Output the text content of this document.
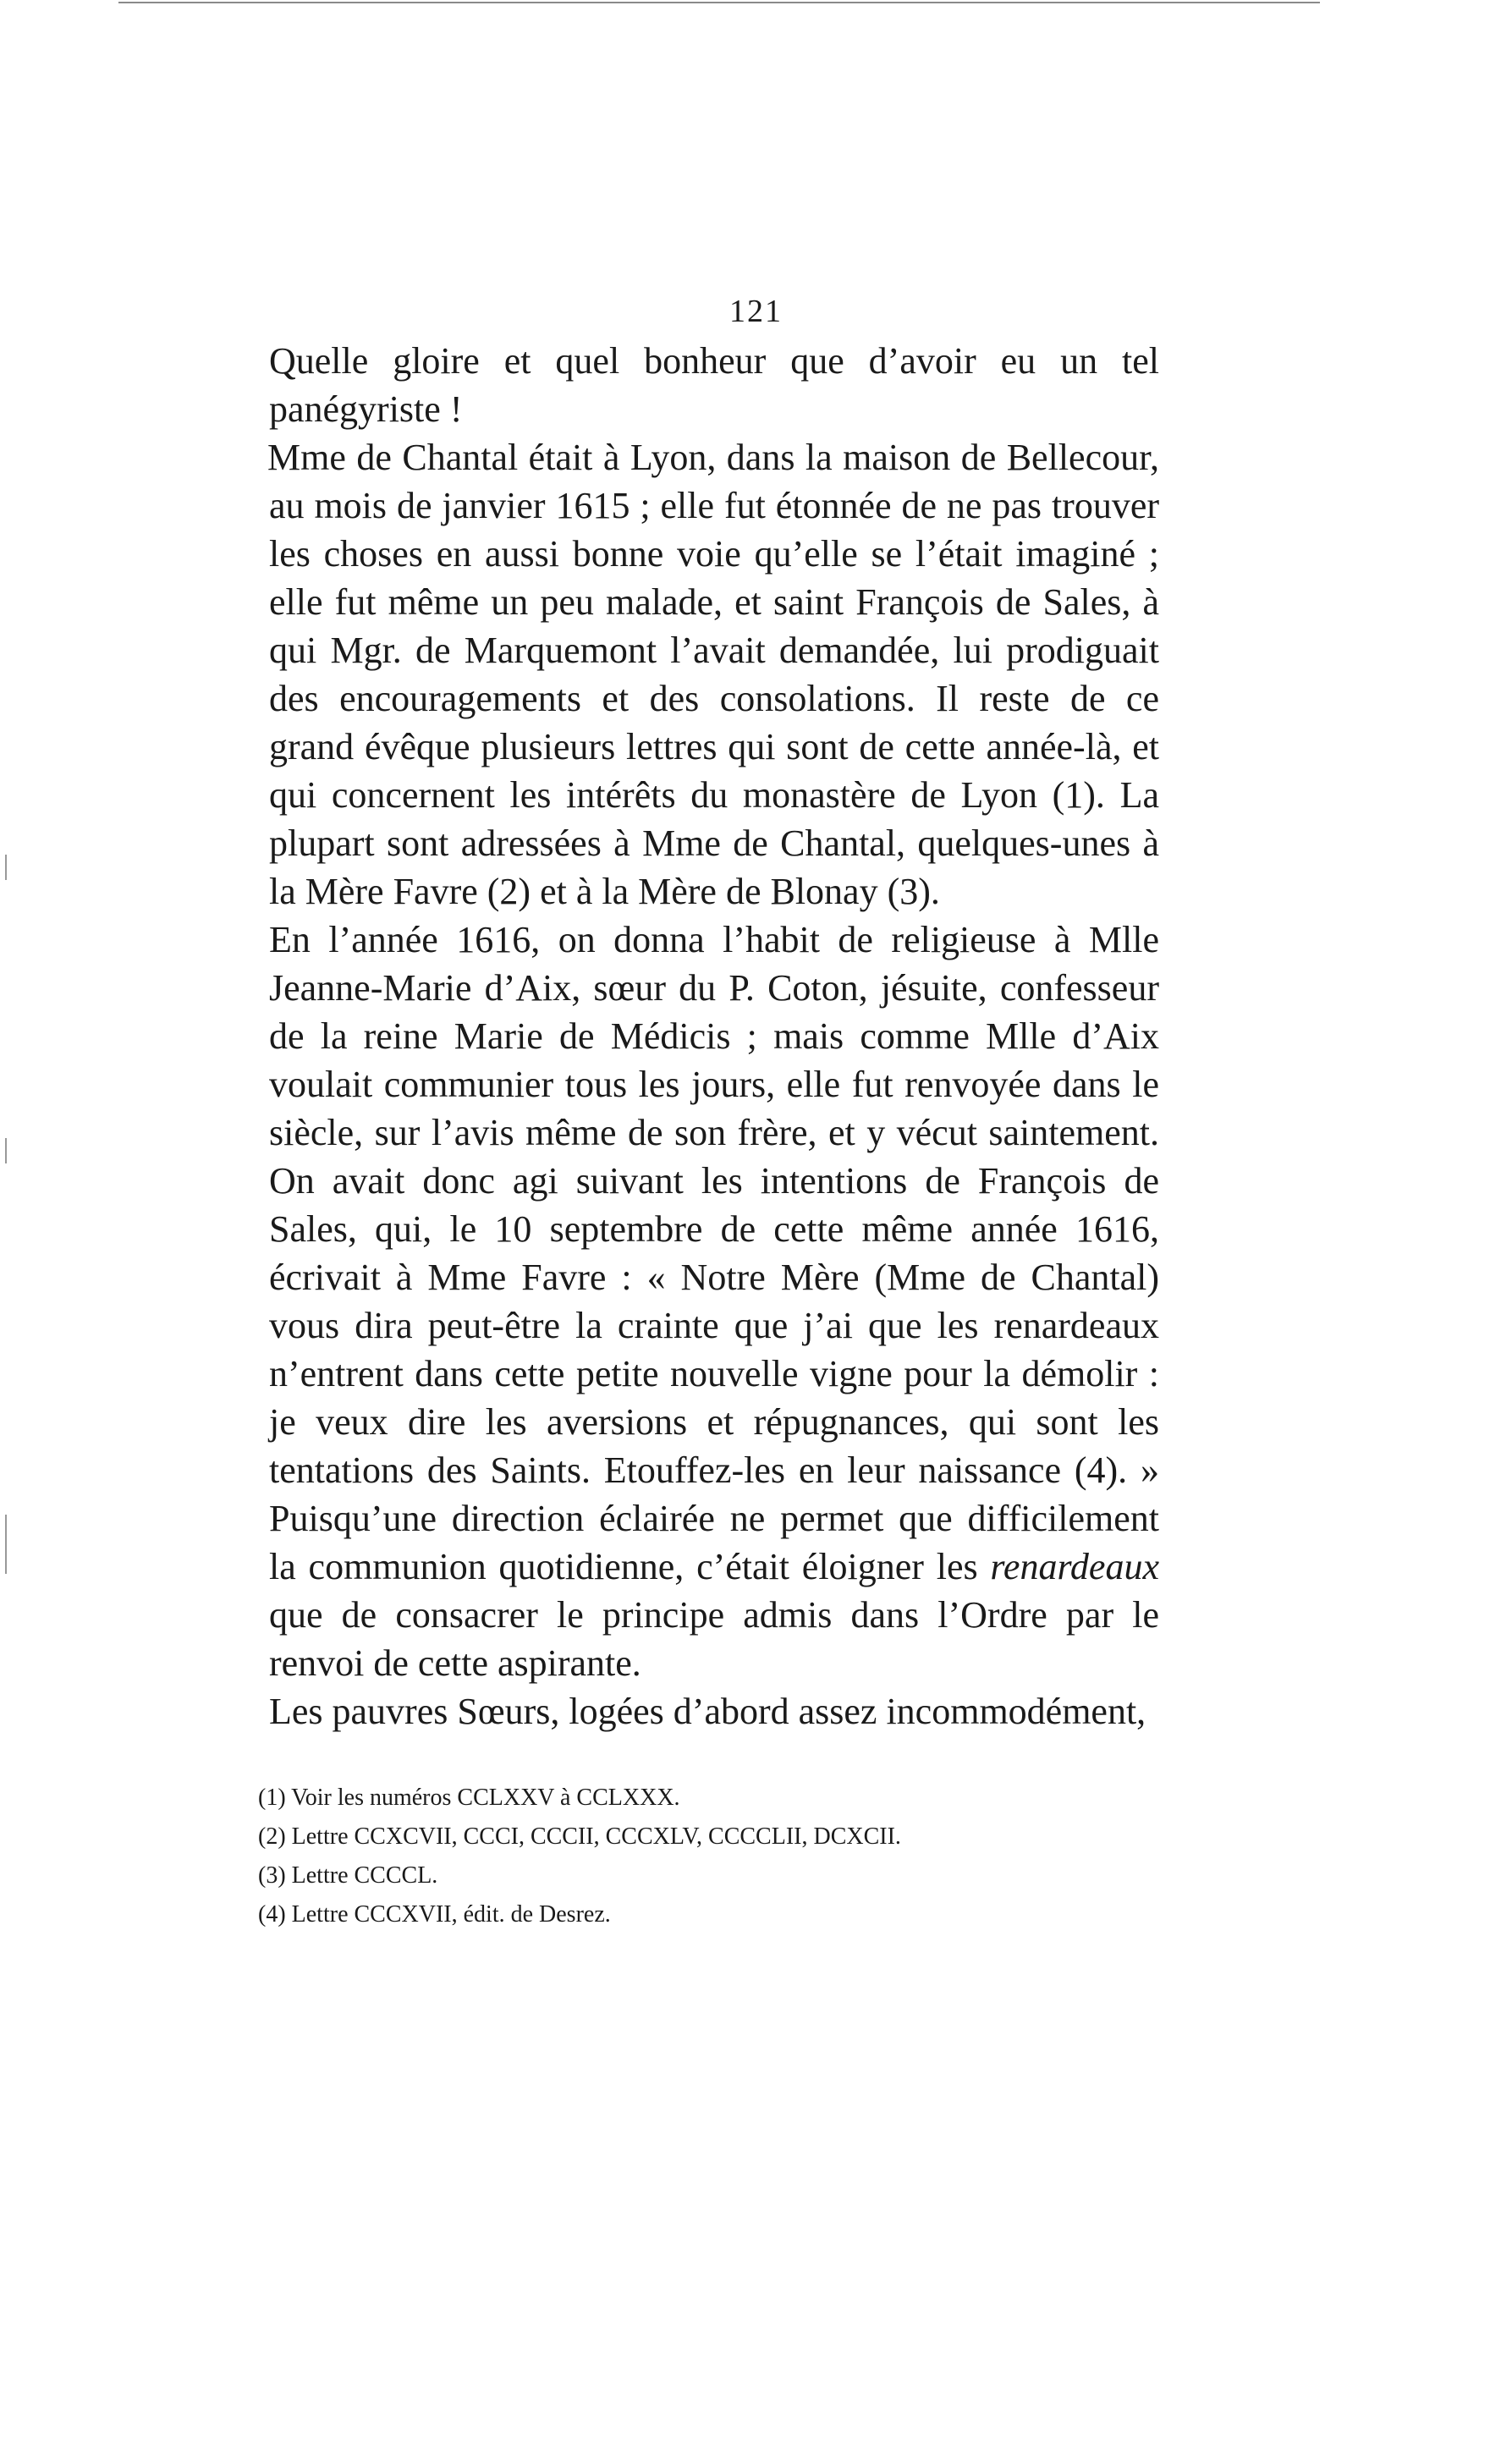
121

Quelle gloire et quel bonheur que d’avoir eu un tel panégyriste !

Mme de Chantal était à Lyon, dans la maison de Bellecour, au mois de janvier 1615 ; elle fut étonnée de ne pas trouver les choses en aussi bonne voie qu’elle se l’était imaginé ; elle fut même un peu malade, et saint François de Sales, à qui Mgr. de Marquemont l’avait demandée, lui prodiguait des encouragements et des consolations. Il reste de ce grand évêque plusieurs lettres qui sont de cette année-là, et qui concernent les intérêts du monastère de Lyon (1). La plupart sont adressées à Mme de Chantal, quelques-unes à la Mère Favre (2) et à la Mère de Blonay (3).

En l’année 1616, on donna l’habit de religieuse à Mlle Jeanne-Marie d’Aix, sœur du P. Coton, jésuite, confesseur de la reine Marie de Médicis ; mais comme Mlle d’Aix voulait communier tous les jours, elle fut renvoyée dans le siècle, sur l’avis même de son frère, et y vécut saintement. On avait donc agi suivant les intentions de François de Sales, qui, le 10 septembre de cette même année 1616, écrivait à Mme Favre : « Notre Mère (Mme de Chantal) vous dira peut-être la crainte que j’ai que les renardeaux n’entrent dans cette petite nouvelle vigne pour la démolir : je veux dire les aversions et répugnances, qui sont les tentations des Saints. Etouffez-les en leur naissance (4). » Puisqu’une direction éclairée ne permet que difficilement la communion quotidienne, c’était éloigner les renardeaux que de consacrer le principe admis dans l’Ordre par le renvoi de cette aspirante.

Les pauvres Sœurs, logées d’abord assez incommodément,

(1) Voir les numéros CCLXXV à CCLXXX.
(2) Lettre CCXCVII, CCCI, CCCII, CCCXLV, CCCCLII, DCXCII.
(3) Lettre CCCCL.
(4) Lettre CCCXVII, édit. de Desrez.
